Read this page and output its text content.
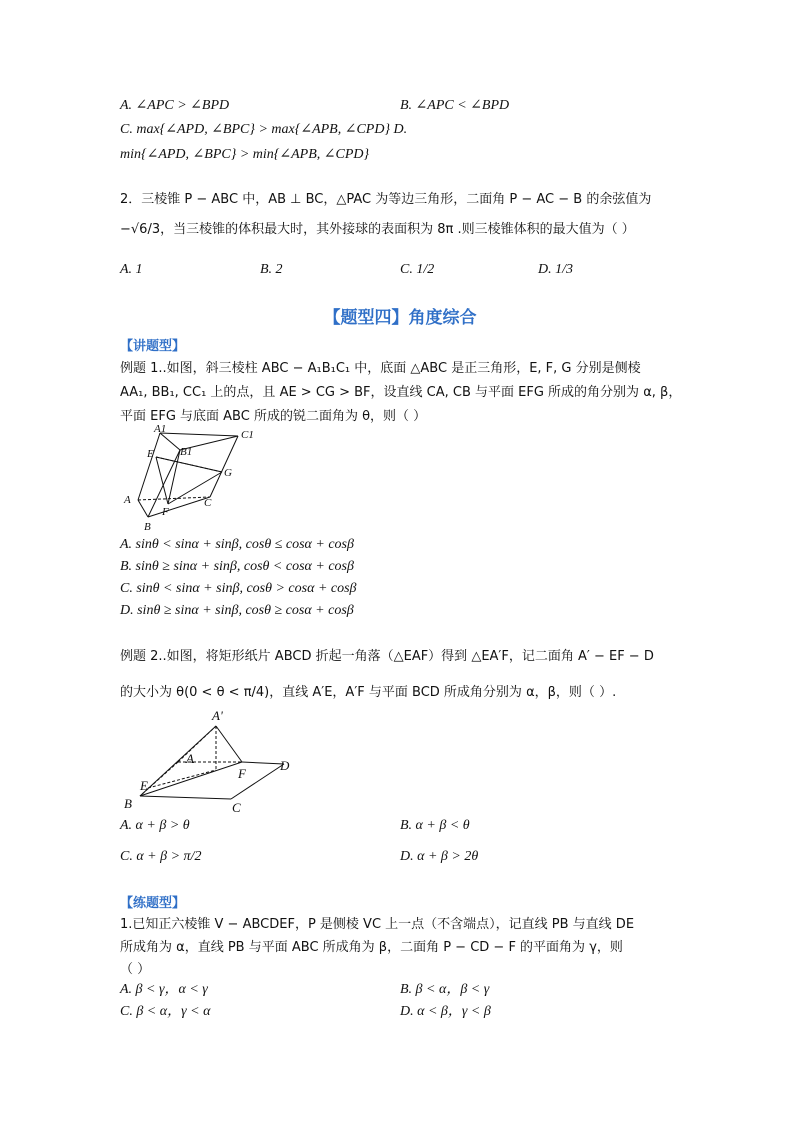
A. ∠APC > ∠BPD	B. ∠APC < ∠BPD
C. max{∠APD, ∠BPC} > max{∠APB, ∠CPD} D.
min{∠APD, ∠BPC} > min{∠APB, ∠CPD}
2．三棱锥 P − ABC 中，AB ⊥ BC，△PAC 为等边三角形，二面角 P − AC − B 的余弦值为
−√6/3，当三棱锥的体积最大时，其外接球的表面积为 8π .则三棱锥体积的最大值为（ ）
A. 1	B. 2	C. 1/2	D. 1/3
【题型四】角度综合
【讲题型】
例题 1..如图，斜三棱柱 ABC − A₁B₁C₁ 中，底面 △ABC 是正三角形，E, F, G 分别是侧棱
AA₁, BB₁, CC₁ 上的点，且 AE > CG > BF，设直线 CA, CB 与平面 EFG 所成的角分别为 α, β，
平面 EFG 与底面 ABC 所成的锐二面角为 θ，则（ ）
A1
B1
C1
E
G
A
F
C
B
A. sinθ < sinα + sinβ, cosθ ≤ cosα + cosβ
B. sinθ ≥ sinα + sinβ, cosθ < cosα + cosβ
C. sinθ < sinα + sinβ, cosθ > cosα + cosβ
D. sinθ ≥ sinα + sinβ, cosθ ≥ cosα + cosβ
例题 2..如图，将矩形纸片 ABCD 折起一角落（△EAF）得到 △EA′F，记二面角 A′ − EF − D
的大小为 θ(0 < θ < π/4)，直线 A′E，A′F 与平面 BCD 所成角分别为 α，β，则（ ）.
A'
A
E
F
D
B	C
A. α + β > θ	B. α + β < θ
C. α + β > π/2	D. α + β > 2θ
【练题型】
1.已知正六棱锥 V − ABCDEF，P 是侧棱 VC 上一点（不含端点），记直线 PB 与直线 DE
所成角为 α，直线 PB 与平面 ABC 所成角为 β，二面角 P − CD − F 的平面角为 γ，则
（ ）
A. β < γ，α < γ	B. β < α，β < γ
C. β < α，γ < α	D. α < β，γ < β
